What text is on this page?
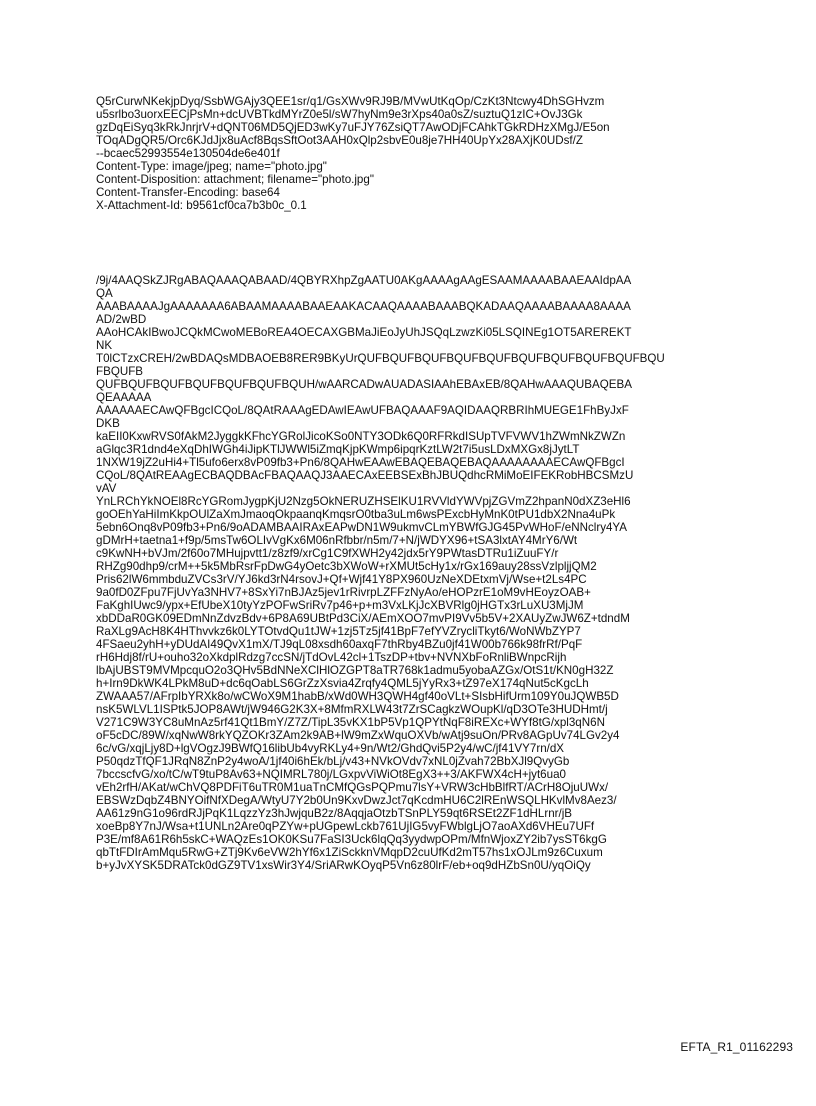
Q5rCurwNKekjpDyq/SsbWGAjy3QEE1sr/q1/GsXWv9RJ9B/MVwUtKqOp/CzKt3Ntcwy4DhSGHvzm
u5srlbo3uorxEECjPsMn+dcUVBTkdMYrZ0e5l/sW7hyNm9e3rXps40a0sZ/suztuQ1zIC+OvJ3Gk
gzDqEiSyq3kRkJnrjrV+dQNT06MD5QjED3wKy7uFJY76ZsiQT7AwODjFCAhkTGkRDHzXMgJ/E5on
TOqADgQR5/Orc6KJdJjx8uAcf8BqsSftOot3AAH0xQlp2sbvE0u8je7HH40UpYx28AXjK0UDsf/Z
--bcaec52993554e130504de6e401f
Content-Type: image/jpeg; name="photo.jpg"
Content-Disposition: attachment; filename="photo.jpg"
Content-Transfer-Encoding: base64
X-Attachment-Id: b9561cf0ca7b3b0c_0.1
/9j/4AAQSkZJRgABAQAAAQABAAD/4QBYRXhpZgAATU0AKgAAAAgAAgESAAMAAAABAAEAAIdpAA
QA
AAABAAAAJgAAAAAAA6ABAAMAAAABAAEAAKACAAQAAAABAAABQKADAAQAAAABAAAA8AAAA
AD/2wBD
AAoHCAkIBwoJCQkMCwoMEBoREA4OECAXGBMaJiEoJyUhJSQqLzwzKi05LSQINEg1OT5AREREKT
NK
T0lCTzxCREH/2wBDAQsMDBAOEB8RER9BKyUrQUFBQUFBQUFBQUFBQUFBQUFBQUFBQUFBQUFBQU
FBQUFB
QUFBQUFBQUFBQUFBQUFBQUFBQUH/wAARCADwAUADASIAAhEBAxEB/8QAHwAAAQUBAQEBA
QEAAAAA
AAAAAAECAwQFBgcICQoL/8QAtRAAAgEDAwIEAwUFBAQAAAF9AQIDAAQRBRIhMUEGE1FhByJxF
DKB
kaEII0KxwRVS0fAkM2JyggkKFhcYGRolJicoKSo0NTY3ODk6Q0RFRkdISUpTVFVWV1hZWmNkZWZn
aGlqc3R1dnd4eXqDhIWGh4iJipKTlJWWl5iZmqKjpKWmp6ipqrKztLW2t7i5usLDxMXGx8jJytLT
1NXW19jZ2uHi4+Tl5ufo6erx8vP09fb3+Pn6/8QAHwEAAwEBAQEBAQEBAQAAAAAAAAECAwQFBgcI
CQoL/8QAtREAAgECBAQDBAcFBAQAAQJ3AAECAxEEBSExBhJBUQdhcRMiMoEIFEKRobHBCSMzU
vAV
YnLRChYkNOEl8RcYGRomJygpKjU2Nzg5OkNERUZHSElKU1RVVldYWVpjZGVmZ2hpanN0dXZ3eHl6
goOEhYaHiImKkpOUlZaXmJmaoqOkpaanqKmqsrO0tba3uLm6wsPExcbHyMnK0tPU1dbX2Nna4uPk
5ebn6Onq8vP09fb3+Pn6/9oADAMBAAIRAxEAPwDN1W9ukmvCLmYBWfGJG45PvWHoF/eNNclry4YA
gDMrH+taetna1+f9p/5msTw6OLIvVgKx6M06nRfbbr/n5m/7+N/jWDYX96+tSA3lxtAY4MrY6/Wt
c9KwNH+bVJm/2f60o7MHujpvtt1/z8zf9/xrCg1C9fXWH2y42jdx5rY9PWtasDTRu1iZuuFY/r
RHZg90dhp9/crM++5k5MbRsrFpDwG4yOetc3bXWoW+rXMUt5cHy1x/rGx169auy28ssVzlpljjQM2
Pris62lW6mmbduZVCs3rV/YJ6kd3rN4rsovJ+Qf+Wjf41Y8PX960UzNeXDEtxmVj/Wse+t2Ls4PC
9a0fD0ZFpu7FjUvYa3NHV7+8SxYi7nBJAz5jev1rRivrpLZFFzNyAo/eHOPzrE1oM9vHEoyzOAB+
FaKghIUwc9/ypx+EfUbeX10tyYzPOFwSriRv7p46+p+m3VxLKjJcXBVRlg0jHGTx3rLuXU3MjJM
xbDDaR0GK09EDmNnZdvzBdv+6P8A69UBtPd3CiX/AEmXOO7mvPI9Vv5b5V+2XAUyZwJW6Z+tdndM
RaXLg9AcH8K4HThvvkz6k0LYTOtvdQu1tJW+1zj5Tz5jf41BpF7efYVZrycliTkyt6/WoNWbZYP7
4FSaeu2yhH+yDUdAI49QvX1mX/TJ9qL08xsdh60axqF7thRby4BZu0jf41W00b766k98frRf/PqF
rH6Hdj8f/rU+ouho32oXkdplRdzg7ccSN/jTdOvL42cl+1TszDP+tbv+NVNXbFoRnliBWnpcRijh
lbAjUBST9MVMpcquO2o3QHv5BdNNeXClHlOZGPT8aTR768k1admu5yobaAZGx/OtS1t/KN0gH32Z
h+Irn9DkWK4LPkM8uD+dc6qOabLS6GrZzXsvia4Zrqfy4QML5jYyRx3+tZ97eX174qNut5cKgcLh
ZWAAA57/AFrpIbYRXk8o/wCWoX9M1habB/xWd0WH3QWH4gf40oVLt+SIsbHifUrm109Y0uJQWB5D
nsK5WLVL1ISPtk5JOP8AWt/jW946G2K3X+8MfmRXLW43t7ZrSCagkzWOupKl/qD3OTe3HUDHmt/j
V271C9W3YC8uMnAz5rf41Qt1BmY/Z7Z/TipL35vKX1bP5Vp1QPYtNqF8iREXc+WYf8tG/xpl3qN6N
oF5cDC/89W/xqNwW8rkYQZOKr3ZAm2k9AB+lW9mZxWquOXVb/wAtj9suOn/PRv8AGpUv74LGv2y4
6c/vG/xqjLjy8D+lgVOgzJ9BWfQ16libUb4vyRKLy4+9n/Wt2/GhdQvi5P2y4/wC/jf41VY7rn/dX
P50qdzTfQF1JRqN8ZnP2y4woA/1jf40i6hEk/bLj/v43+NVkOVdv7xNL0jZvah72BbXJl9QvyGb
7bccscfvG/xo/tC/wT9tuP8Av63+NQIMRL780j/LGxpvViWiOt8EgX3++3/AKFWX4cH+jyt6ua0
vEh2rfH/AKat/wChVQ8PDFiT6uTR0M1uaTnCMfQGsPQPmu7lsY+VRW3cHbBlfRT/ACrH8OjuUWx/
EBSWzDqbZ4BNYOifNfXDegA/WtyU7Y2b0Un9KxvDwzJct7qKcdmHU6C2lREnWSQLHKvlMv8Aez3/
AA61z9nG1o96rdRJjPqK1LqzzYz3hJwjquB2z/8AqqjaOtzbTSnPLY59qt6RSEt2ZF1dHLrnr/jB
xoeBp8Y7nJ/Wsa+t1UNLn2Are0qPZYw+pUGpewLckb761UjIG5vyFWblgLjO7aoAXd6VHEu7UFf
P3E/mf8A61R6h5skC+WAQzEs1OK0KSu7FaSI3Uck6lqQq3yydwpOPm/MfnWjoxZY2ib7ysST6kgG
qbTtFDIrAmMqu5RwG+ZTj9Kv6eVW2hYf6x1ZiSckknVMqpD2cuUfKd2mT57hs1xOJLm9z6Cuxum
b+yJvXYSK5DRATck0dGZ9TV1xsWir3Y4/SriARwKOyqP5Vn6z80lrF/eb+oq9dHZbSn0U/yqOiQy
EFTA_R1_01162293
